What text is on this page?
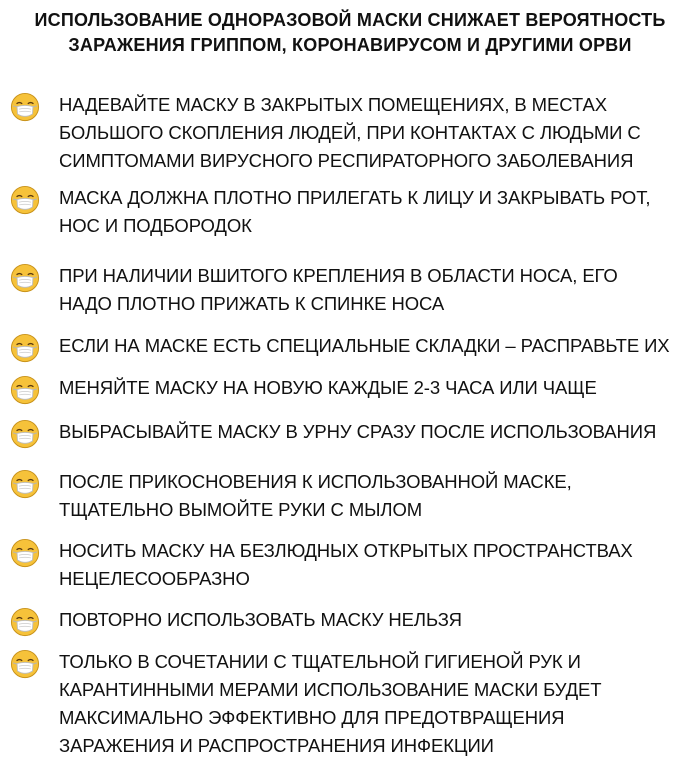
ИСПОЛЬЗОВАНИЕ ОДНОРАЗОВОЙ МАСКИ СНИЖАЕТ ВЕРОЯТНОСТЬ
ЗАРАЖЕНИЯ ГРИППОМ, КОРОНАВИРУСОМ И ДРУГИМИ ОРВИ
НАДЕВАЙТЕ МАСКУ В ЗАКРЫТЫХ ПОМЕЩЕНИЯХ, В МЕСТАХ
БОЛЬШОГО СКОПЛЕНИЯ ЛЮДЕЙ, ПРИ КОНТАКТАХ С ЛЮДЬМИ С
СИМПТОМАМИ ВИРУСНОГО РЕСПИРАТОРНОГО ЗАБОЛЕВАНИЯ
МАСКА ДОЛЖНА ПЛОТНО ПРИЛЕГАТЬ К ЛИЦУ И ЗАКРЫВАТЬ РОТ,
НОС И ПОДБОРОДОК
ПРИ НАЛИЧИИ ВШИТОГО КРЕПЛЕНИЯ В ОБЛАСТИ НОСА, ЕГО
НАДО ПЛОТНО ПРИЖАТЬ К СПИНКЕ НОСА
ЕСЛИ НА МАСКЕ ЕСТЬ СПЕЦИАЛЬНЫЕ СКЛАДКИ – РАСПРАВЬТЕ ИХ
МЕНЯЙТЕ МАСКУ НА НОВУЮ КАЖДЫЕ 2-3 ЧАСА ИЛИ ЧАЩЕ
ВЫБРАСЫВАЙТЕ МАСКУ В УРНУ СРАЗУ ПОСЛЕ ИСПОЛЬЗОВАНИЯ
ПОСЛЕ ПРИКОСНОВЕНИЯ К ИСПОЛЬЗОВАННОЙ МАСКЕ,
ТЩАТЕЛЬНО ВЫМОЙТЕ РУКИ С МЫЛОМ
НОСИТЬ МАСКУ НА БЕЗЛЮДНЫХ ОТКРЫТЫХ ПРОСТРАНСТВАХ
НЕЦЕЛЕСООБРАЗНО
ПОВТОРНО ИСПОЛЬЗОВАТЬ МАСКУ НЕЛЬЗЯ
ТОЛЬКО В СОЧЕТАНИИ С ТЩАТЕЛЬНОЙ ГИГИЕНОЙ РУК И
КАРАНТИННЫМИ МЕРАМИ ИСПОЛЬЗОВАНИЕ МАСКИ БУДЕТ
МАКСИМАЛЬНО ЭФФЕКТИВНО ДЛЯ ПРЕДОТВРАЩЕНИЯ
ЗАРАЖЕНИЯ И РАСПРОСТРАНЕНИЯ ИНФЕКЦИИ
